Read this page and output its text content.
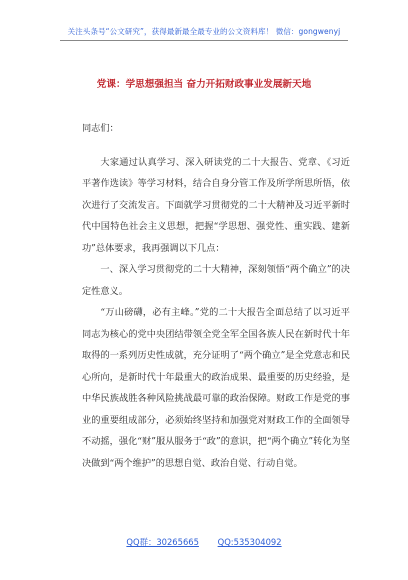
关注头条号“公文研究”，获得最新最全最专业的公文资料库！ 微信：gongwenyj
党课：学思想强担当 奋力开拓财政事业发展新天地

同志们：

大家通过认真学习、深入研读党的二十大报告、党章、《习近平著作选读》等学习材料，结合自身分管工作及所学所思所悟，依次进行了交流发言。下面就学习贯彻党的二十大精神及习近平新时代中国特色社会主义思想，把握“学思想、强党性、重实践、建新功”总体要求，我再强调以下几点：

一、深入学习贯彻党的二十大精神，深刻领悟“两个确立”的决定性意义。

“万山磅礴，必有主峰。”党的二十大报告全面总结了以习近平同志为核心的党中央团结带领全党全军全国各族人民在新时代十年取得的一系列历史性成就，充分证明了“两个确立”是全党意志和民心所向，是新时代十年最重大的政治成果、最重要的历史经验，是中华民族战胜各种风险挑战最可靠的政治保障。财政工作是党的事业的重要组成部分，必须始终坚持和加强党对财政工作的全面领导不动摇，强化“财”服从服务于“政”的意识，把“两个确立”转化为坚决做到“两个维护”的思想自觉、政治自觉、行动自觉。

QQ群：30265665 QQ:535304092
